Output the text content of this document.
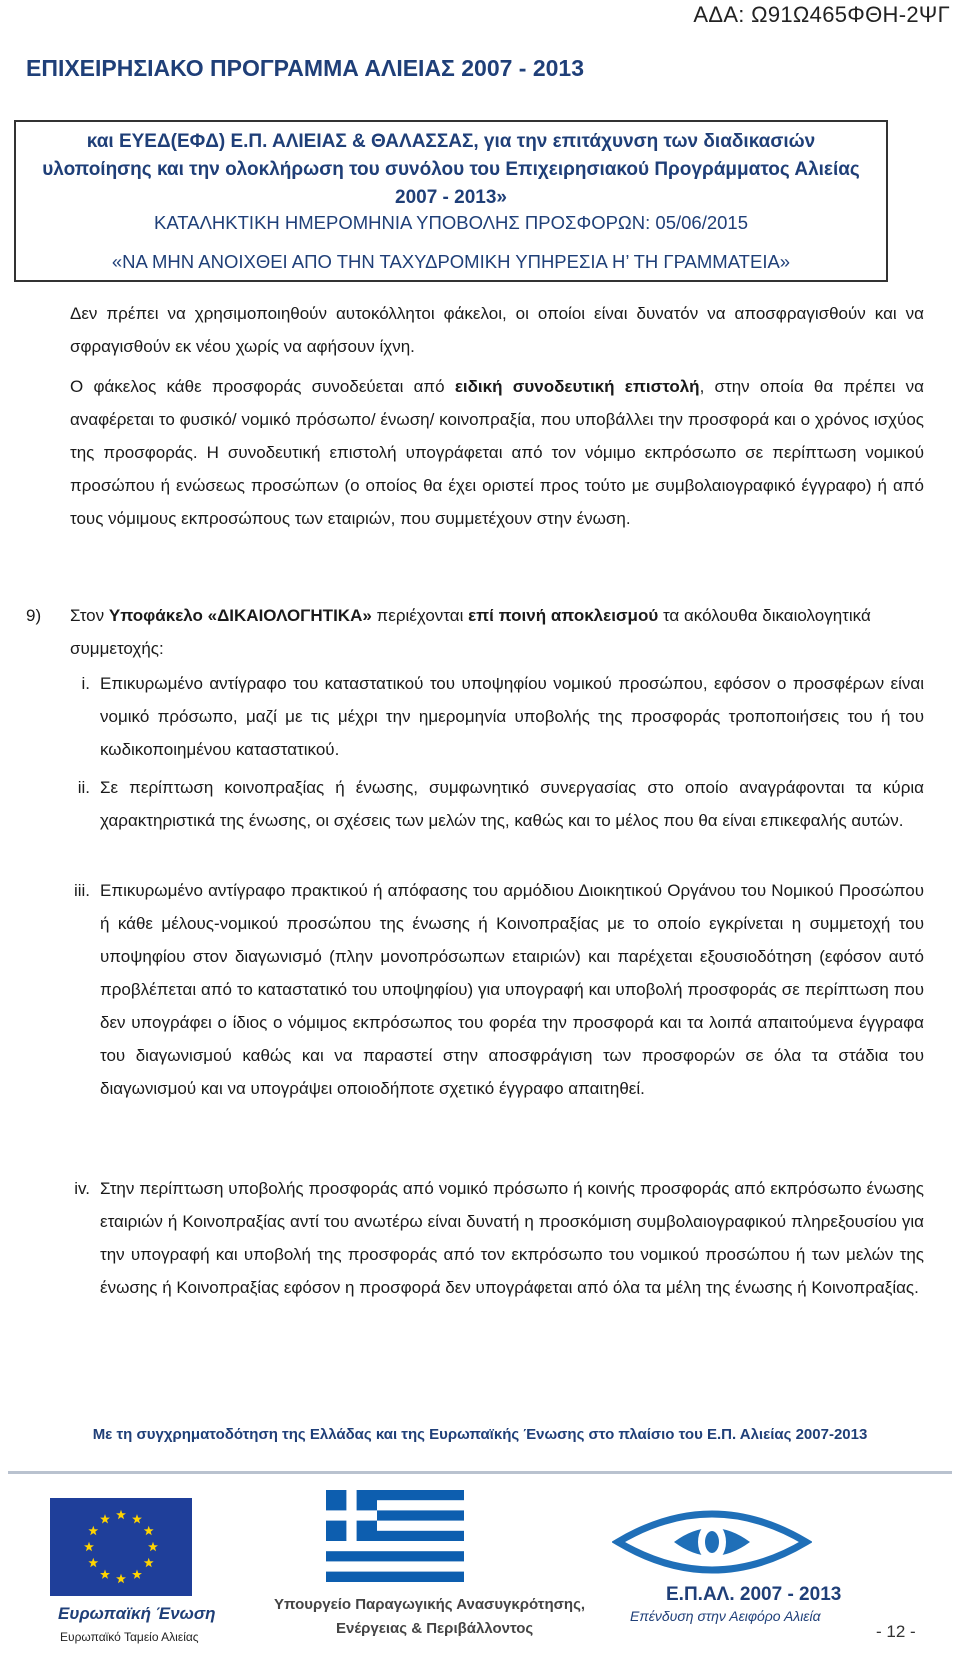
ΑΔΑ: Ω91Ω465ΦΘΗ-2ΨΓ
ΕΠΙΧΕΙΡΗΣΙΑΚΟ ΠΡΟΓΡΑΜΜΑ ΑΛΙΕΙΑΣ 2007 - 2013
και ΕΥΕΔ(ΕΦΔ) Ε.Π. ΑΛΙΕΙΑΣ & ΘΑΛΑΣΣΑΣ, για την επιτάχυνση των διαδικασιών
υλοποίησης και την ολοκλήρωση του συνόλου του Επιχειρησιακού Προγράμματος Αλιείας
2007 - 2013»
ΚΑΤΑΛΗΚΤΙΚΗ ΗΜΕΡΟΜΗΝΙΑ ΥΠΟΒΟΛΗΣ ΠΡΟΣΦΟΡΩΝ: 05/06/2015
«ΝΑ ΜΗΝ ΑΝΟΙΧΘΕΙ ΑΠΟ ΤΗΝ ΤΑΧΥΔΡΟΜΙΚΗ ΥΠΗΡΕΣΙΑ Η’ ΤΗ ΓΡΑΜΜΑΤΕΙΑ»
Δεν πρέπει να χρησιμοποιηθούν αυτοκόλλητοι φάκελοι, οι οποίοι είναι δυνατόν να αποσφραγισθούν και να σφραγισθούν εκ νέου χωρίς να αφήσουν ίχνη.
Ο φάκελος κάθε προσφοράς συνοδεύεται από ειδική συνοδευτική επιστολή, στην οποία θα πρέπει να αναφέρεται το φυσικό/ νομικό πρόσωπο/ ένωση/ κοινοπραξία, που υποβάλλει την προσφορά και ο χρόνος ισχύος της προσφοράς. Η συνοδευτική επιστολή υπογράφεται από τον νόμιμο εκπρόσωπο σε περίπτωση νομικού προσώπου ή ενώσεως προσώπων (ο οποίος θα έχει οριστεί προς τούτο με συμβολαιογραφικό έγγραφο) ή από τους νόμιμους εκπροσώπους των εταιριών, που συμμετέχουν στην ένωση.
9) Στον Υποφάκελο «ΔΙΚΑΙΟΛΟΓΗΤΙΚΑ» περιέχονται επί ποινή αποκλεισμού τα ακόλουθα δικαιολογητικά συμμετοχής:
i. Επικυρωμένο αντίγραφο του καταστατικού του υποψηφίου νομικού προσώπου, εφόσον ο προσφέρων είναι νομικό πρόσωπο, μαζί με τις μέχρι την ημερομηνία υποβολής της προσφοράς τροποποιήσεις του ή του κωδικοποιημένου καταστατικού.
ii. Σε περίπτωση κοινοπραξίας ή ένωσης, συμφωνητικό συνεργασίας στο οποίο αναγράφονται τα κύρια χαρακτηριστικά της ένωσης, οι σχέσεις των μελών της, καθώς και το μέλος που θα είναι επικεφαλής αυτών.
iii. Επικυρωμένο αντίγραφο πρακτικού ή απόφασης του αρμόδιου Διοικητικού Οργάνου του Νομικού Προσώπου ή κάθε μέλους-νομικού προσώπου της ένωσης ή Κοινοπραξίας με το οποίο εγκρίνεται η συμμετοχή του υποψηφίου στον διαγωνισμό (πλην μονοπρόσωπων εταιριών) και παρέχεται εξουσιοδότηση (εφόσον αυτό προβλέπεται από το καταστατικό του υποψηφίου) για υπογραφή και υποβολή προσφοράς σε περίπτωση που δεν υπογράφει ο ίδιος ο νόμιμος εκπρόσωπος του φορέα την προσφορά και τα λοιπά απαιτούμενα έγγραφα του διαγωνισμού καθώς και να παραστεί στην αποσφράγιση των προσφορών σε όλα τα στάδια του διαγωνισμού και να υπογράψει οποιοδήποτε σχετικό έγγραφο απαιτηθεί.
iv. Στην περίπτωση υποβολής προσφοράς από νομικό πρόσωπο ή κοινής προσφοράς από εκπρόσωπο ένωσης εταιριών ή Κοινοπραξίας αντί του ανωτέρω είναι δυνατή η προσκόμιση συμβολαιογραφικού πληρεξουσίου για την υπογραφή και υποβολή της προσφοράς από τον εκπρόσωπο του νομικού προσώπου ή των μελών της ένωσης ή Κοινοπραξίας εφόσον η προσφορά δεν υπογράφεται από όλα τα μέλη της ένωσης ή Κοινοπραξίας.
Με τη συγχρηματοδότηση της Ελλάδας και της Ευρωπαϊκής Ένωσης στο πλαίσιο του Ε.Π. Αλιείας 2007-2013
Ευρωπαϊκή Ένωση
Ευρωπαϊκό Ταμείο Αλιείας
Υπουργείο Παραγωγικής Ανασυγκρότησης,
Ενέργειας & Περιβάλλοντος
Ε.Π.ΑΛ. 2007 - 2013
Επένδυση στην Αειφόρο Αλιεία
- 12 -
